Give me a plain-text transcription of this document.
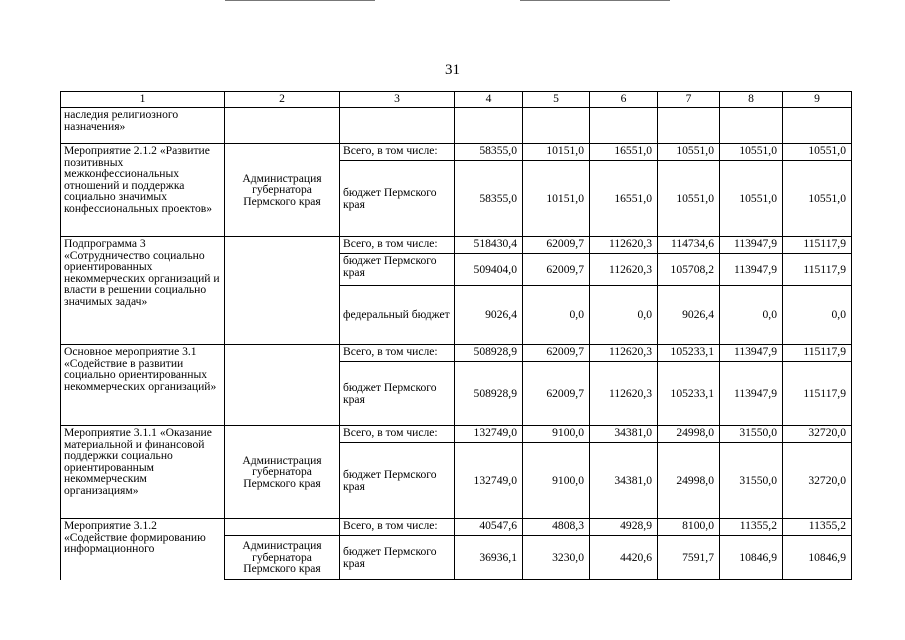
31
1	2	3	4	5	6	7	8	9
наследия религиозного назначения»								
Мероприятие 2.1.2 «Развитие позитивных межконфессиональных отношений и поддержка социально значимых конфессиональных проектов»	Администрация губернатора Пермского края	Всего, в том числе:	58355,0	10151,0	16551,0	10551,0	10551,0	10551,0
		бюджет Пермского края	58355,0	10151,0	16551,0	10551,0	10551,0	10551,0
Подпрограмма 3 «Сотрудничество социально ориентированных некоммерческих организаций и власти в решении социально значимых задач»		Всего, в том числе:	518430,4	62009,7	112620,3	114734,6	113947,9	115117,9
		бюджет Пермского края	509404,0	62009,7	112620,3	105708,2	113947,9	115117,9
		федеральный бюджет	9026,4	0,0	0,0	9026,4	0,0	0,0
Основное мероприятие 3.1 «Содействие в развитии социально ориентированных некоммерческих организаций»		Всего, в том числе:	508928,9	62009,7	112620,3	105233,1	113947,9	115117,9
		бюджет Пермского края	508928,9	62009,7	112620,3	105233,1	113947,9	115117,9
Мероприятие 3.1.1 «Оказание материальной и финансовой поддержки социально ориентированным некоммерческим организациям»	Администрация губернатора Пермского края	Всего, в том числе:	132749,0	9100,0	34381,0	24998,0	31550,0	32720,0
		бюджет Пермского края	132749,0	9100,0	34381,0	24998,0	31550,0	32720,0
Мероприятие 3.1.2 «Содействие формированию информационного		Всего, в том числе:	40547,6	4808,3	4928,9	8100,0	11355,2	11355,2
	Администрация губернатора Пермского края	бюджет Пермского края	36936,1	3230,0	4420,6	7591,7	10846,9	10846,9
